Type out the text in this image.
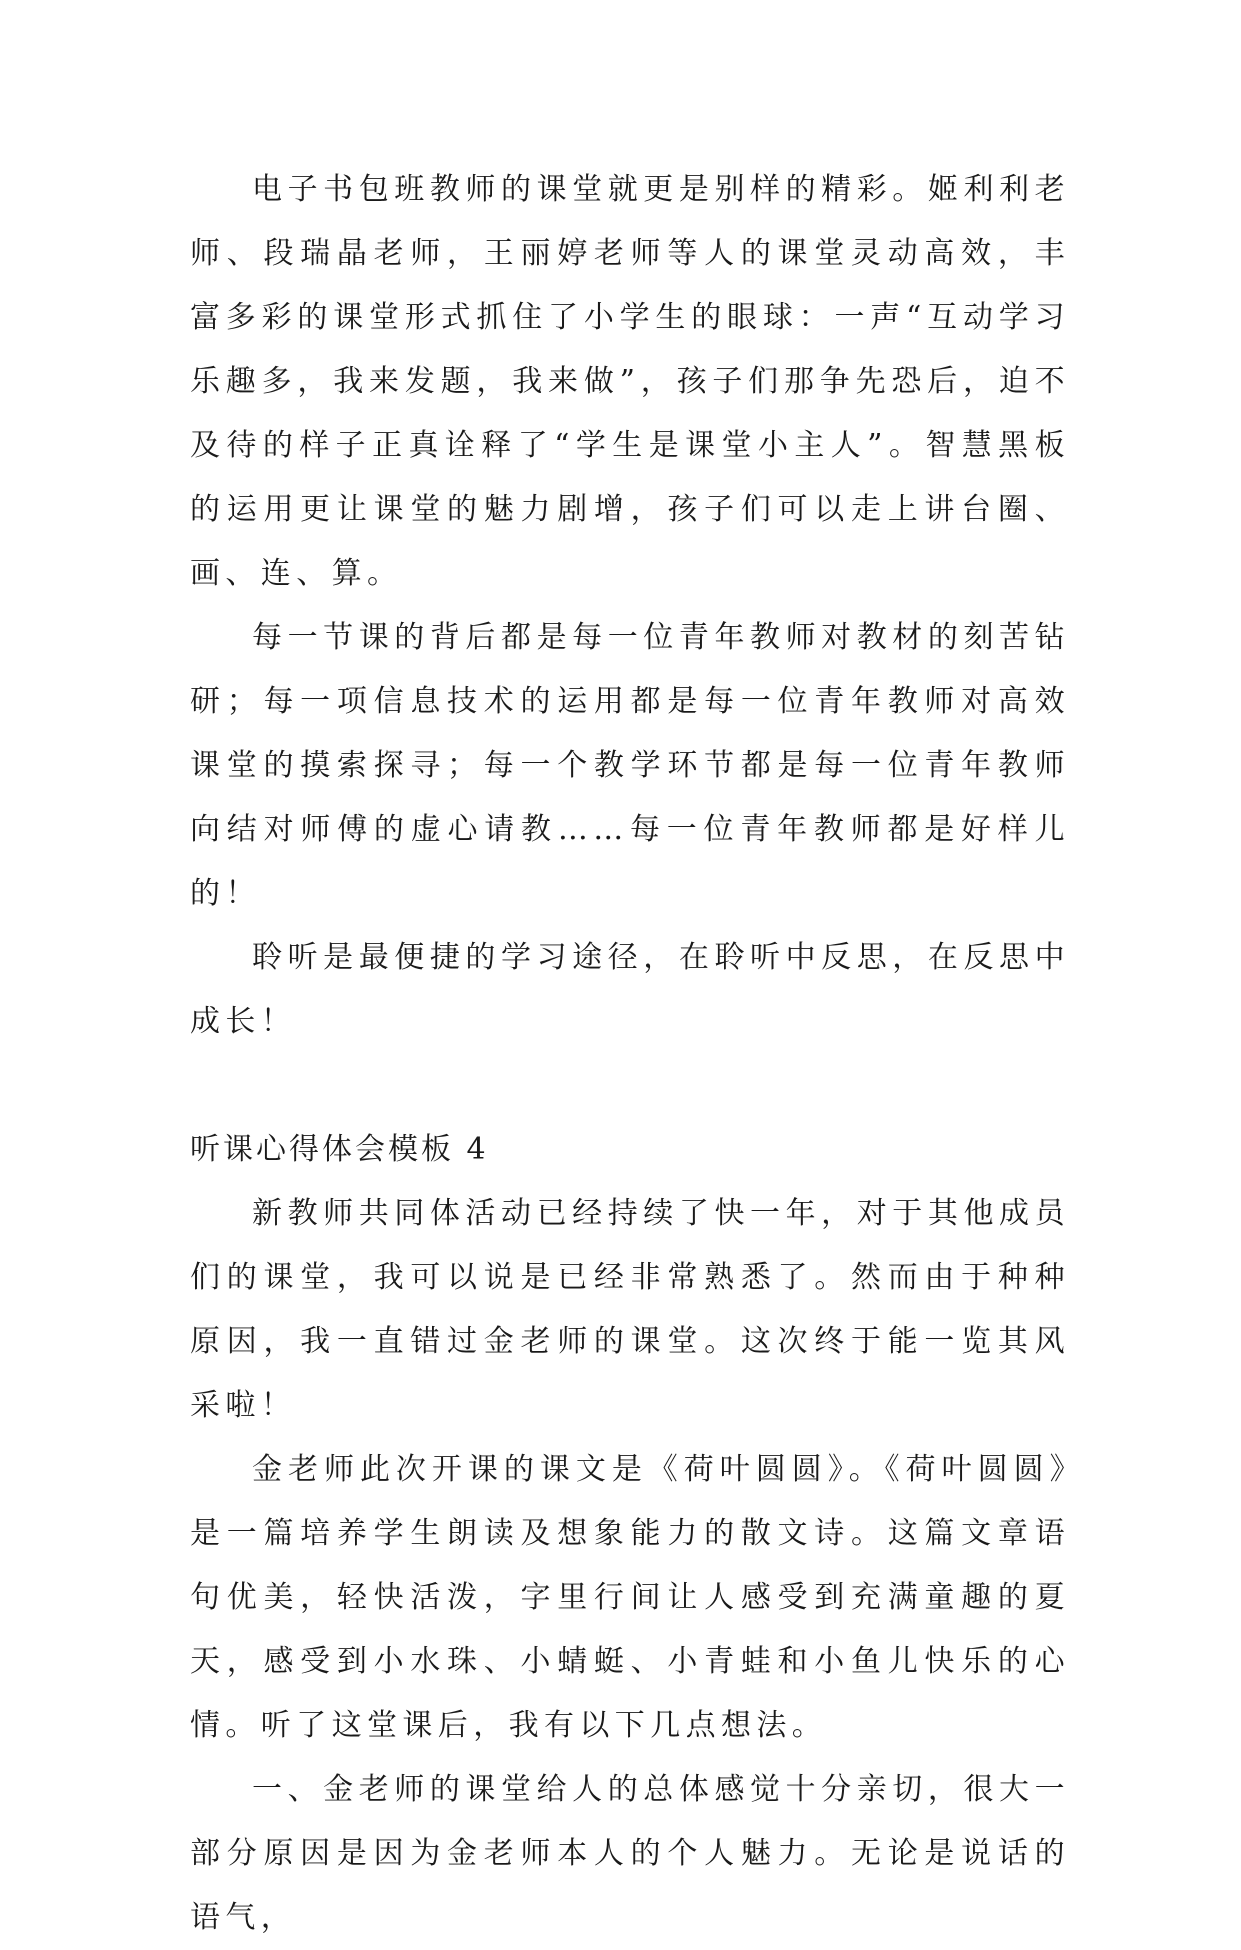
电子书包班教师的课堂就更是别样的精彩。姬利利老师、段瑞晶老师，王丽婷老师等人的课堂灵动高效，丰富多彩的课堂形式抓住了小学生的眼球：一声“互动学习乐趣多，我来发题，我来做”，孩子们那争先恐后，迫不及待的样子正真诠释了“学生是课堂小主人”。智慧黑板的运用更让课堂的魅力剧增，孩子们可以走上讲台圈、画、连、算。

每一节课的背后都是每一位青年教师对教材的刻苦钻研；每一项信息技术的运用都是每一位青年教师对高效课堂的摸索探寻；每一个教学环节都是每一位青年教师向结对师傅的虚心请教……每一位青年教师都是好样儿的！

聆听是最便捷的学习途径，在聆听中反思，在反思中成长！

听课心得体会模板 4

新教师共同体活动已经持续了快一年，对于其他成员们的课堂，我可以说是已经非常熟悉了。然而由于种种原因，我一直错过金老师的课堂。这次终于能一览其风采啦！

金老师此次开课的课文是《荷叶圆圆》。《荷叶圆圆》是一篇培养学生朗读及想象能力的散文诗。这篇文章语句优美，轻快活泼，字里行间让人感受到充满童趣的夏天，感受到小水珠、小蜻蜓、小青蛙和小鱼儿快乐的心情。听了这堂课后，我有以下几点想法。

一、金老师的课堂给人的总体感觉十分亲切，很大一部分原因是因为金老师本人的个人魅力。无论是说话的语气，
